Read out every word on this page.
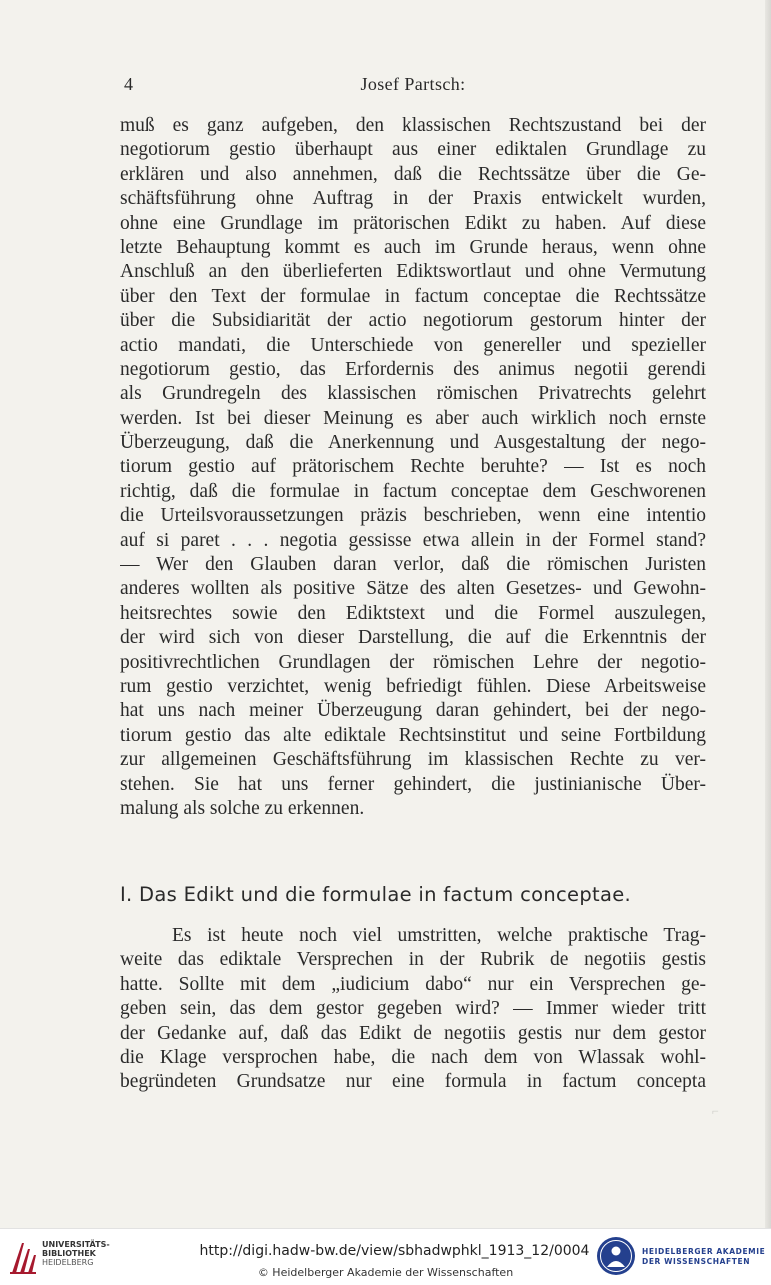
4	Josef Partsch:
muß es ganz aufgeben, den klassischen Rechtszustand bei der
negotiorum gestio überhaupt aus einer ediktalen Grundlage zu
erklären und also annehmen, daß die Rechtssätze über die Ge-
schäftsführung ohne Auftrag in der Praxis entwickelt wurden,
ohne eine Grundlage im prätorischen Edikt zu haben. Auf diese
letzte Behauptung kommt es auch im Grunde heraus, wenn ohne
Anschluß an den überlieferten Ediktswortlaut und ohne Vermutung
über den Text der formulae in factum conceptae die Rechtssätze
über die Subsidiarität der actio negotiorum gestorum hinter der
actio mandati, die Unterschiede von genereller und spezieller
negotiorum gestio, das Erfordernis des animus negotii gerendi
als Grundregeln des klassischen römischen Privatrechts gelehrt
werden. Ist bei dieser Meinung es aber auch wirklich noch ernste
Überzeugung, daß die Anerkennung und Ausgestaltung der nego-
tiorum gestio auf prätorischem Rechte beruhte? — Ist es noch
richtig, daß die formulae in factum conceptae dem Geschworenen
die Urteilsvoraussetzungen präzis beschrieben, wenn eine intentio
auf si paret . . . negotia gessisse etwa allein in der Formel stand?
— Wer den Glauben daran verlor, daß die römischen Juristen
anderes wollten als positive Sätze des alten Gesetzes- und Gewohn-
heitsrechtes sowie den Ediktstext und die Formel auszulegen,
der wird sich von dieser Darstellung, die auf die Erkenntnis der
positivrechtlichen Grundlagen der römischen Lehre der negotio-
rum gestio verzichtet, wenig befriedigt fühlen. Diese Arbeitsweise
hat uns nach meiner Überzeugung daran gehindert, bei der nego-
tiorum gestio das alte ediktale Rechtsinstitut und seine Fortbildung
zur allgemeinen Geschäftsführung im klassischen Rechte zu ver-
stehen. Sie hat uns ferner gehindert, die justinianische Über-
malung als solche zu erkennen.
I. Das Edikt und die formulae in factum conceptae.
Es ist heute noch viel umstritten, welche praktische Trag-
weite das ediktale Versprechen in der Rubrik de negotiis gestis
hatte. Sollte mit dem „iudicium dabo“ nur ein Versprechen ge-
geben sein, das dem gestor gegeben wird? — Immer wieder tritt
der Gedanke auf, daß das Edikt de negotiis gestis nur dem gestor
die Klage versprochen habe, die nach dem von Wlassak wohl-
begründeten Grundsatze nur eine formula in factum concepta
⌐
UNIVERSITÄTS-
BIBLIOTHEK
HEIDELBERG
http://digi.hadw-bw.de/view/sbhadwphkl_1913_12/0004
© Heidelberger Akademie der Wissenschaften
HEIDELBERGER AKADEMIE
DER WISSENSCHAFTEN
